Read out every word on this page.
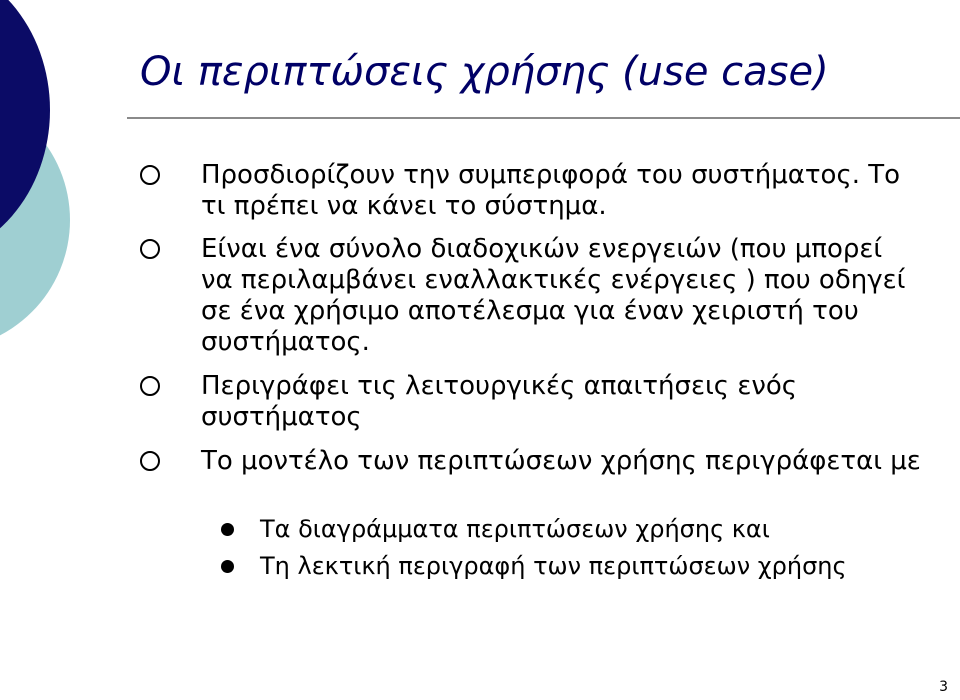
Οι περιπτώσεις χρήσης (use case)
Προσδιορίζουν την συμπεριφορά του συστήματος. Το τι πρέπει να κάνει το σύστημα.
Είναι ένα σύνολο διαδοχικών ενεργειών (που μπορεί να περιλαμβάνει εναλλακτικές ενέργειες ) που οδηγεί σε ένα χρήσιμο αποτέλεσμα για έναν χειριστή του συστήματος.
Περιγράφει τις λειτουργικές απαιτήσεις ενός συστήματος
Το μοντέλο των περιπτώσεων χρήσης περιγράφεται με
Τα διαγράμματα περιπτώσεων χρήσης και
Τη λεκτική περιγραφή των περιπτώσεων χρήσης
3
